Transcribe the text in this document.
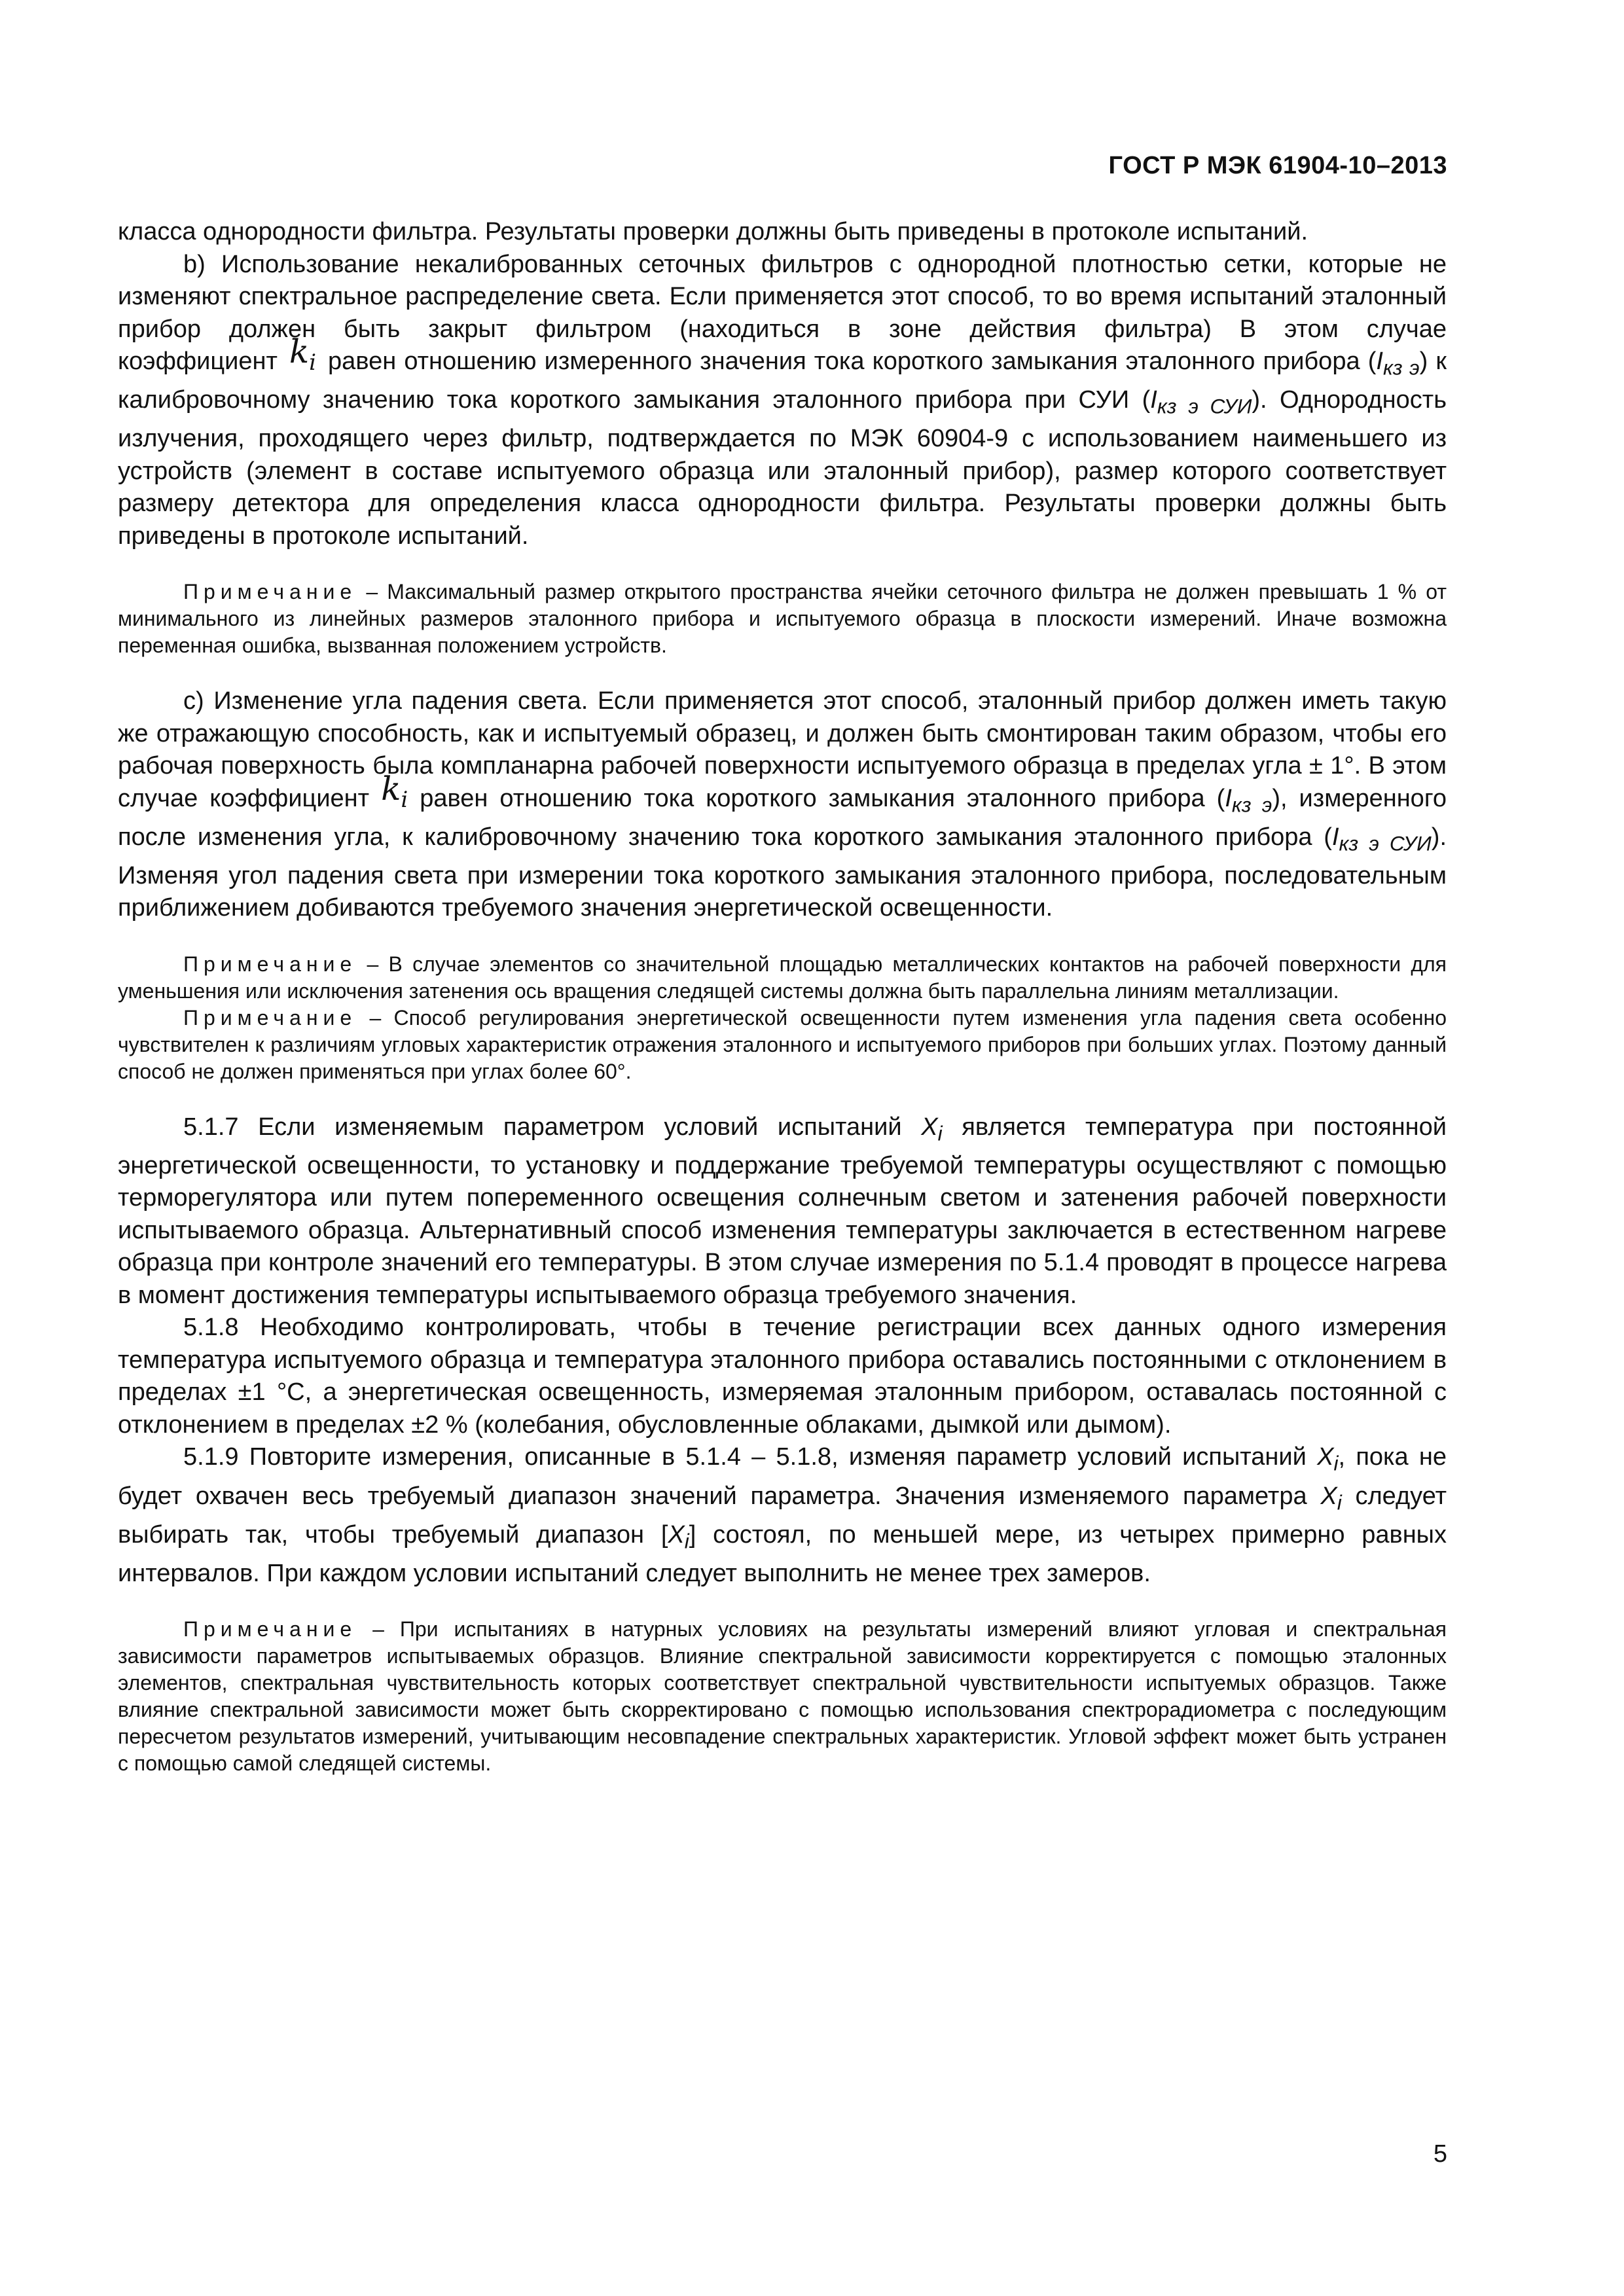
ГОСТ Р МЭК 61904-10–2013

класса однородности фильтра. Результаты проверки должны быть приведены в протоколе испытаний.

b) Использование некалиброванных сеточных фильтров с однородной плотностью сетки, которые не изменяют спектральное распределение света. Если применяется этот способ, то во время испытаний эталонный прибор должен быть закрыт фильтром (находиться в зоне действия фильтра) В этом случае коэффициент $k_i$ равен отношению измеренного значения тока короткого замыкания эталонного прибора $(I_{кз э})$ к калибровочному значению тока короткого замыкания эталонного прибора при СУИ $(I_{кз э СУИ})$. Однородность излучения, проходящего через фильтр, подтверждается по МЭК 60904-9 с использованием наименьшего из устройств (элемент в составе испытуемого образца или эталонный прибор), размер которого соответствует размеру детектора для определения класса однородности фильтра. Результаты проверки должны быть приведены в протоколе испытаний.

Примечание – Максимальный размер открытого пространства ячейки сеточного фильтра не должен превышать 1 % от минимального из линейных размеров эталонного прибора и испытуемого образца в плоскости измерений. Иначе возможна переменная ошибка, вызванная положением устройств.

c) Изменение угла падения света. Если применяется этот способ, эталонный прибор должен иметь такую же отражающую способность, как и испытуемый образец, и должен быть смонтирован таким образом, чтобы его рабочая поверхность была компланарна рабочей поверхности испытуемого образца в пределах угла ± 1°. В этом случае коэффициент $k_i$ равен отношению тока короткого замыкания эталонного прибора $(I_{кз э})$, измеренного после изменения угла, к калибровочному значению тока короткого замыкания эталонного прибора $(I_{кз э СУИ})$. Изменяя угол падения света при измерении тока короткого замыкания эталонного прибора, последовательным приближением добиваются требуемого значения энергетической освещенности.

Примечание – В случае элементов со значительной площадью металлических контактов на рабочей поверхности для уменьшения или исключения затенения ось вращения следящей системы должна быть параллельна линиям металлизации.

Примечание – Способ регулирования энергетической освещенности путем изменения угла падения света особенно чувствителен к различиям угловых характеристик отражения эталонного и испытуемого приборов при больших углах. Поэтому данный способ не должен применяться при углах более 60°.

5.1.7 Если изменяемым параметром условий испытаний $X_i$ является температура при постоянной энергетической освещенности, то установку и поддержание требуемой температуры осуществляют с помощью терморегулятора или путем попеременного освещения солнечным светом и затенения рабочей поверхности испытываемого образца. Альтернативный способ изменения температуры заключается в естественном нагреве образца при контроле значений его температуры. В этом случае измерения по 5.1.4 проводят в процессе нагрева в момент достижения температуры испытываемого образца требуемого значения.

5.1.8 Необходимо контролировать, чтобы в течение регистрации всех данных одного измерения температура испытуемого образца и температура эталонного прибора оставались постоянными с отклонением в пределах ±1 °С, а энергетическая освещенность, измеряемая эталонным прибором, оставалась постоянной с отклонением в пределах ±2 % (колебания, обусловленные облаками, дымкой или дымом).

5.1.9 Повторите измерения, описанные в 5.1.4 – 5.1.8, изменяя параметр условий испытаний $X_i$, пока не будет охвачен весь требуемый диапазон значений параметра. Значения изменяемого параметра $X_i$ следует выбирать так, чтобы требуемый диапазон $[X_i]$ состоял, по меньшей мере, из четырех примерно равных интервалов. При каждом условии испытаний следует выполнить не менее трех замеров.

Примечание – При испытаниях в натурных условиях на результаты измерений влияют угловая и спектральная зависимости параметров испытываемых образцов. Влияние спектральной зависимости корректируется с помощью эталонных элементов, спектральная чувствительность которых соответствует спектральной чувствительности испытуемых образцов. Также влияние спектральной зависимости может быть скорректировано с помощью использования спектрорадиометра с последующим пересчетом результатов измерений, учитывающим несовпадение спектральных характеристик. Угловой эффект может быть устранен с помощью самой следящей системы.

5
